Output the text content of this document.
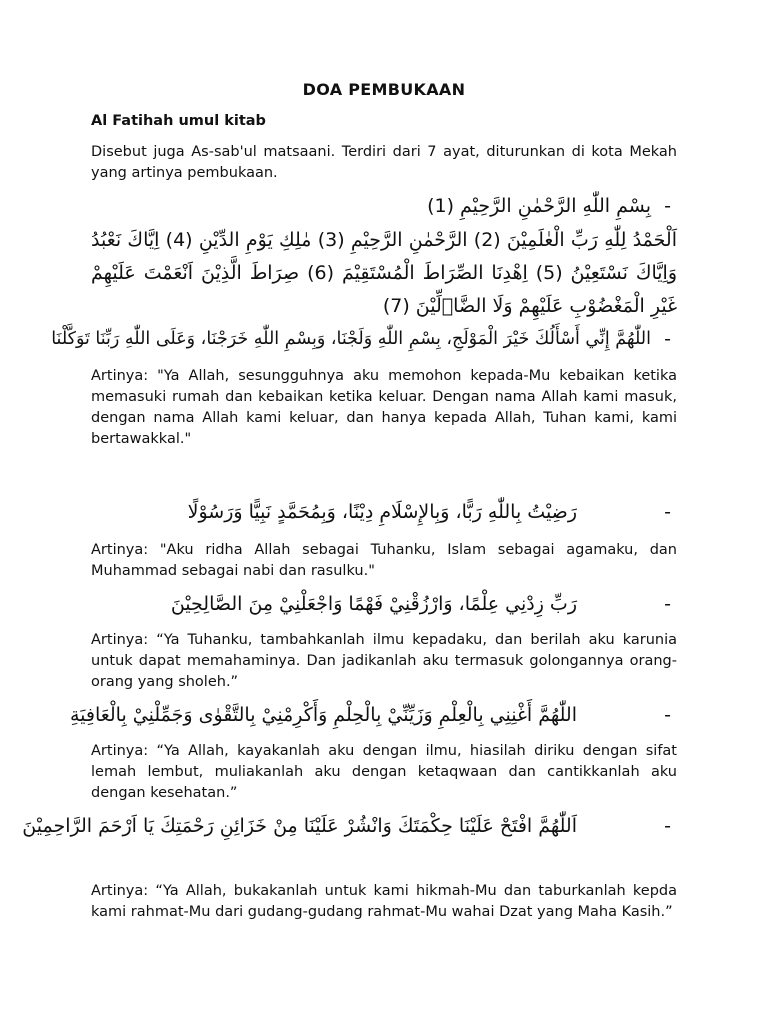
DOA PEMBUKAAN
Al Fatihah umul kitab
Disebut juga As-sab'ul matsaani. Terdiri dari 7 ayat, diturunkan di kota Mekah yang artinya pembukaan.
-
بِسْمِ اللّٰهِ الرَّحْمٰنِ الرَّحِيْمِ (1)
اَلْحَمْدُ لِلّٰهِ رَبِّ الْعٰلَمِيْنَ (2) الرَّحْمٰنِ الرَّحِيْمِ (3) مٰلِكِ يَوْمِ الدِّيْنِ (4) اِيَّاكَ نَعْبُدُ وَاِيَّاكَ نَسْتَعِيْنُ (5) اِهْدِنَا الصِّرَاطَ الْمُسْتَقِيْمَ (6) صِرَاطَ الَّذِيْنَ اَنْعَمْتَ عَلَيْهِمْ غَيْرِ الْمَغْضُوْبِ عَلَيْهِمْ وَلَا الضَّاۤلِّيْنَ (7)
-
اللّٰهُمَّ إِنِّي أَسْأَلُكَ خَيْرَ الْمَوْلَجِ، بِسْمِ اللّٰهِ وَلَجْنَا، وَبِسْمِ اللّٰهِ خَرَجْنَا، وَعَلَى اللّٰهِ رَبِّنَا تَوَكَّلْنَا
Artinya: "Ya Allah, sesungguhnya aku memohon kepada-Mu kebaikan ketika memasuki rumah dan kebaikan ketika keluar. Dengan nama Allah kami masuk, dengan nama Allah kami keluar, dan hanya kepada Allah, Tuhan kami, kami bertawakkal."
-
رَضِيْتُ بِاللّٰهِ رَبًّا، وَبِالإِسْلَامِ دِيْنًا، وَبِمُحَمَّدٍ نَبِيًّا وَرَسُوْلًا
Artinya: "Aku ridha Allah sebagai Tuhanku, Islam sebagai agamaku, dan Muhammad sebagai nabi dan rasulku."
-
رَبِّ زِدْنِي عِلْمًا، وَارْزُقْنِيْ فَهْمًا وَاجْعَلْنِيْ مِنَ الصَّالِحِيْنَ
Artinya: “Ya Tuhanku, tambahkanlah ilmu kepadaku, dan berilah aku karunia untuk dapat memahaminya. Dan jadikanlah aku termasuk golongannya orang-orang yang sholeh.”
-
اللّٰهُمَّ أَغْنِنِي بِالْعِلْمِ وَزَيِّنِّيْ بِالْحِلْمِ وَأَكْرِمْنِيْ بِالتَّقْوٰى وَجَمِّلْنِيْ بِالْعَافِيَةِ
Artinya: “Ya Allah, kayakanlah aku dengan ilmu, hiasilah diriku dengan sifat lemah lembut, muliakanlah aku dengan ketaqwaan dan cantikkanlah aku dengan kesehatan.”
-
اَللّٰهُمَّ افْتَحْ عَلَيْنَا حِكْمَتَكَ وَانْشُرْ عَلَيْنَا مِنْ خَزَائِنِ رَحْمَتِكَ يَا اَرْحَمَ الرَّاحِمِيْنَ
Artinya: “Ya Allah, bukakanlah untuk kami hikmah-Mu dan taburkanlah kepda kami rahmat-Mu dari gudang-gudang rahmat-Mu wahai Dzat yang Maha Kasih.”
